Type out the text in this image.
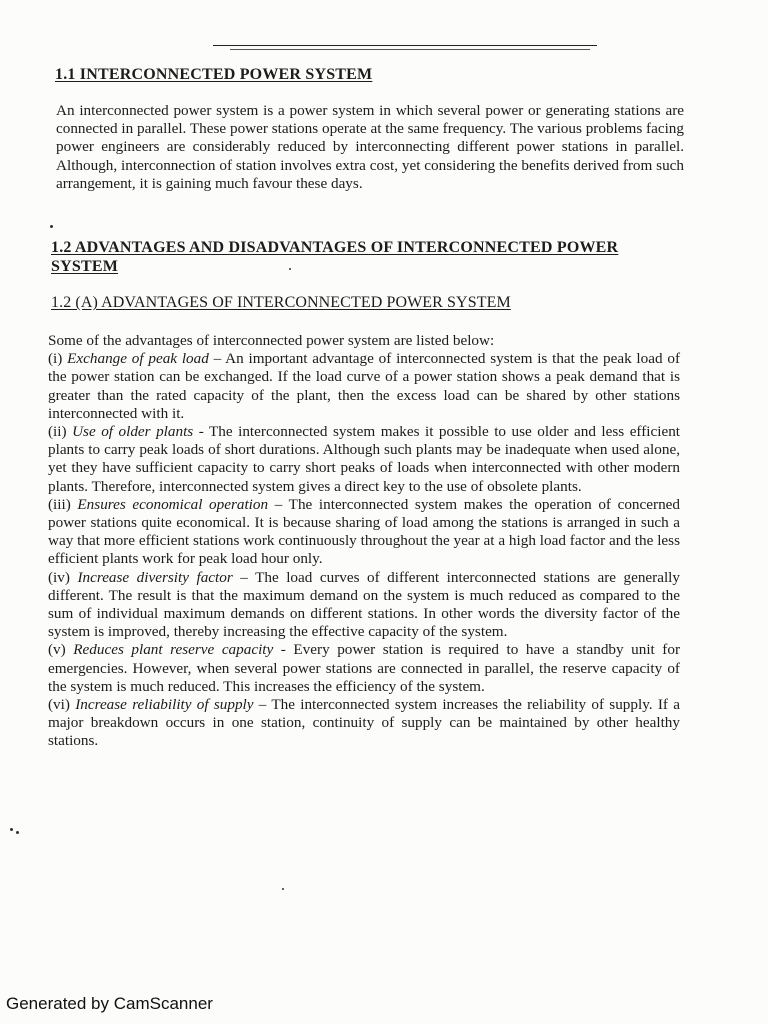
1.1 INTERCONNECTED POWER SYSTEM

An interconnected power system is a power system in which several power or generating stations are connected in parallel. These power stations operate at the same frequency. The various problems facing power engineers are considerably reduced by interconnecting different power stations in parallel. Although, interconnection of station involves extra cost, yet considering the benefits derived from such arrangement, it is gaining much favour these days.

1.2 ADVANTAGES AND DISADVANTAGES OF INTERCONNECTED POWER SYSTEM
1.2 (A) ADVANTAGES OF INTERCONNECTED POWER SYSTEM

Some of the advantages of interconnected power system are listed below:

(i) Exchange of peak load – An important advantage of interconnected system is that the peak load of the power station can be exchanged. If the load curve of a power station shows a peak demand that is greater than the rated capacity of the plant, then the excess load can be shared by other stations interconnected with it.

(ii) Use of older plants - The interconnected system makes it possible to use older and less efficient plants to carry peak loads of short durations. Although such plants may be inadequate when used alone, yet they have sufficient capacity to carry short peaks of loads when interconnected with other modern plants. Therefore, interconnected system gives a direct key to the use of obsolete plants.

(iii) Ensures economical operation – The interconnected system makes the operation of concerned power stations quite economical. It is because sharing of load among the stations is arranged in such a way that more efficient stations work continuously throughout the year at a high load factor and the less efficient plants work for peak load hour only.

(iv) Increase diversity factor – The load curves of different interconnected stations are generally different. The result is that the maximum demand on the system is much reduced as compared to the sum of individual maximum demands on different stations. In other words the diversity factor of the system is improved, thereby increasing the effective capacity of the system.

(v) Reduces plant reserve capacity - Every power station is required to have a standby unit for emergencies. However, when several power stations are connected in parallel, the reserve capacity of the system is much reduced. This increases the efficiency of the system.

(vi) Increase reliability of supply – The interconnected system increases the reliability of supply. If a major breakdown occurs in one station, continuity of supply can be maintained by other healthy stations.

Generated by CamScanner
